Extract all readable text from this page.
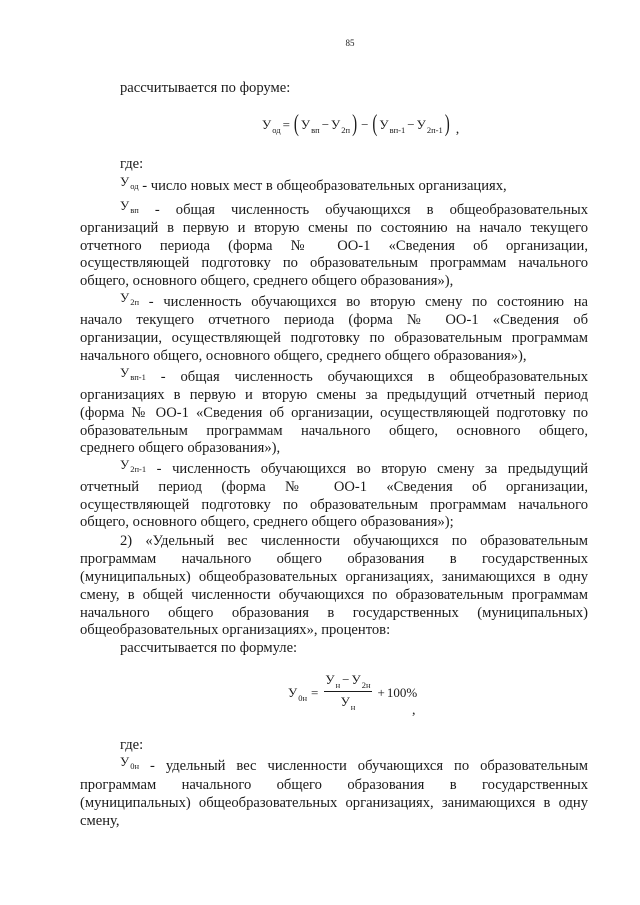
85
рассчитывается по форуме:
У од = ( У вп − У 2п ) − ( У вп-1 − У 2п-1 ) ,
где:
$У_{од}$ - число новых мест в общеобразовательных организациях,
$У_{вп}$ - общая численность обучающихся в общеобразовательных
организаций в первую и вторую смены по состоянию на начало текущего
отчетного периода (форма № ОО-1 «Сведения об организации,
осуществляющей подготовку по образовательным программам начального
общего, основного общего, среднего общего образования»),
$У_{2п}$ - численность обучающихся во вторую смену по состоянию на
начало текущего отчетного периода (форма № ОО-1 «Сведения об
организации, осуществляющей подготовку по образовательным программам
начального общего, основного общего, среднего общего образования»),
$У_{вп-1}$ - общая численность обучающихся в общеобразовательных
организациях в первую и вторую смены за предыдущий отчетный период
(форма № ОО-1 «Сведения об организации, осуществляющей подготовку по
образовательным программам начального общего, основного общего,
среднего общего образования»),
$У_{2п-1}$ - численность обучающихся во вторую смену за предыдущий
отчетный период (форма № ОО-1 «Сведения об организации,
осуществляющей подготовку по образовательным программам начального
общего, основного общего, среднего общего образования»);
2) «Удельный вес численности обучающихся по образовательным
программам начального общего образования в государственных
(муниципальных) общеобразовательных организациях, занимающихся в одну
смену, в общей численности обучающихся по образовательным программам
начального общего образования в государственных (муниципальных)
общеобразовательных организациях», процентов:
рассчитывается по формуле:
У $0н = \frac{\text{У н − У 2н}}{\text{У н}} + 100\%$
,
где:
$У_{0н}$ - удельный вес численности обучающихся по образовательным
программам начального общего образования в государственных
(муниципальных) общеобразовательных организациях, занимающихся в одну
смену,
